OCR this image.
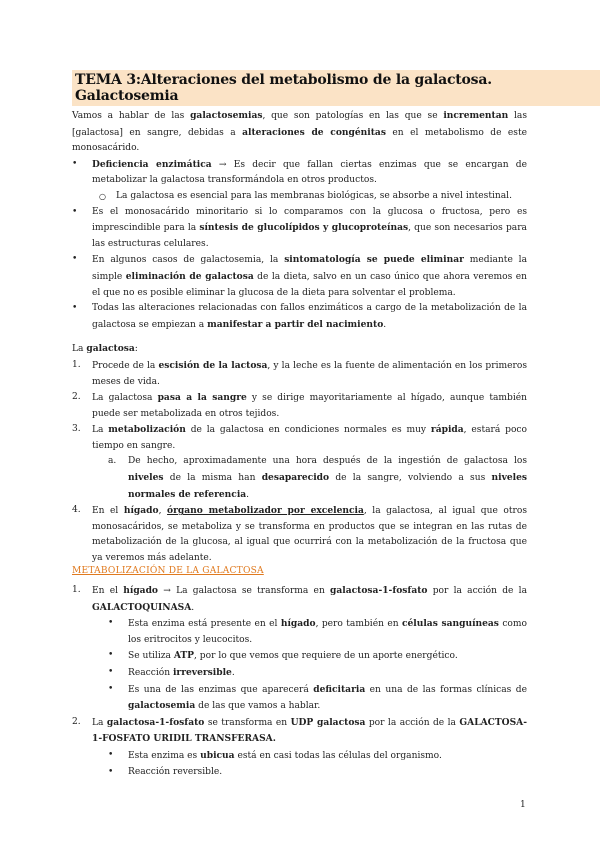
TEMA 3:Alteraciones del metabolismo de la galactosa. Galactosemia
Vamos a hablar de las galactosemias, que son patologías en las que se incrementan las [galactosa] en sangre, debidas a alteraciones de congénitas en el metabolismo de este monosacárido.
• Deficiencia enzimática → Es decir que fallan ciertas enzimas que se encargan de metabolizar la galactosa transformándola en otros productos.
○ La galactosa es esencial para las membranas biológicas, se absorbe a nivel intestinal.
• Es el monosacárido minoritario si lo comparamos con la glucosa o fructosa, pero es imprescindible para la síntesis de glucolípidos y glucoproteínas, que son necesarios para las estructuras celulares.
• En algunos casos de galactosemia, la sintomatología se puede eliminar mediante la simple eliminación de galactosa de la dieta, salvo en un caso único que ahora veremos en el que no es posible eliminar la glucosa de la dieta para solventar el problema.
• Todas las alteraciones relacionadas con fallos enzimáticos a cargo de la metabolización de la galactosa se empiezan a manifestar a partir del nacimiento.
La galactosa:
1. Procede de la escisión de la lactosa, y la leche es la fuente de alimentación en los primeros meses de vida.
2. La galactosa pasa a la sangre y se dirige mayoritariamente al hígado, aunque también puede ser metabolizada en otros tejidos.
3. La metabolización de la galactosa en condiciones normales es muy rápida, estará poco tiempo en sangre.
a. De hecho, aproximadamente una hora después de la ingestión de galactosa los niveles de la misma han desaparecido de la sangre, volviendo a sus niveles normales de referencia.
4. En el hígado, órgano metabolizador por excelencia, la galactosa, al igual que otros monosacáridos, se metaboliza y se transforma en productos que se integran en las rutas de metabolización de la glucosa, al igual que ocurrirá con la metabolización de la fructosa que ya veremos más adelante.
METABOLIZACIÓN DE LA GALACTOSA
1. En el hígado → La galactosa se transforma en galactosa-1-fosfato por la acción de la GALACTOQUINASA.
• Esta enzima está presente en el hígado, pero también en células sanguíneas como los eritrocitos y leucocitos.
• Se utiliza ATP, por lo que vemos que requiere de un aporte energético.
• Reacción irreversible.
• Es una de las enzimas que aparecerá deficitaria en una de las formas clínicas de galactosemia de las que vamos a hablar.
2. La galactosa-1-fosfato se transforma en UDP galactosa por la acción de la GALACTOSA-1-FOSFATO URIDIL TRANSFERASA.
• Esta enzima es ubicua está en casi todas las células del organismo.
• Reacción reversible.
1
